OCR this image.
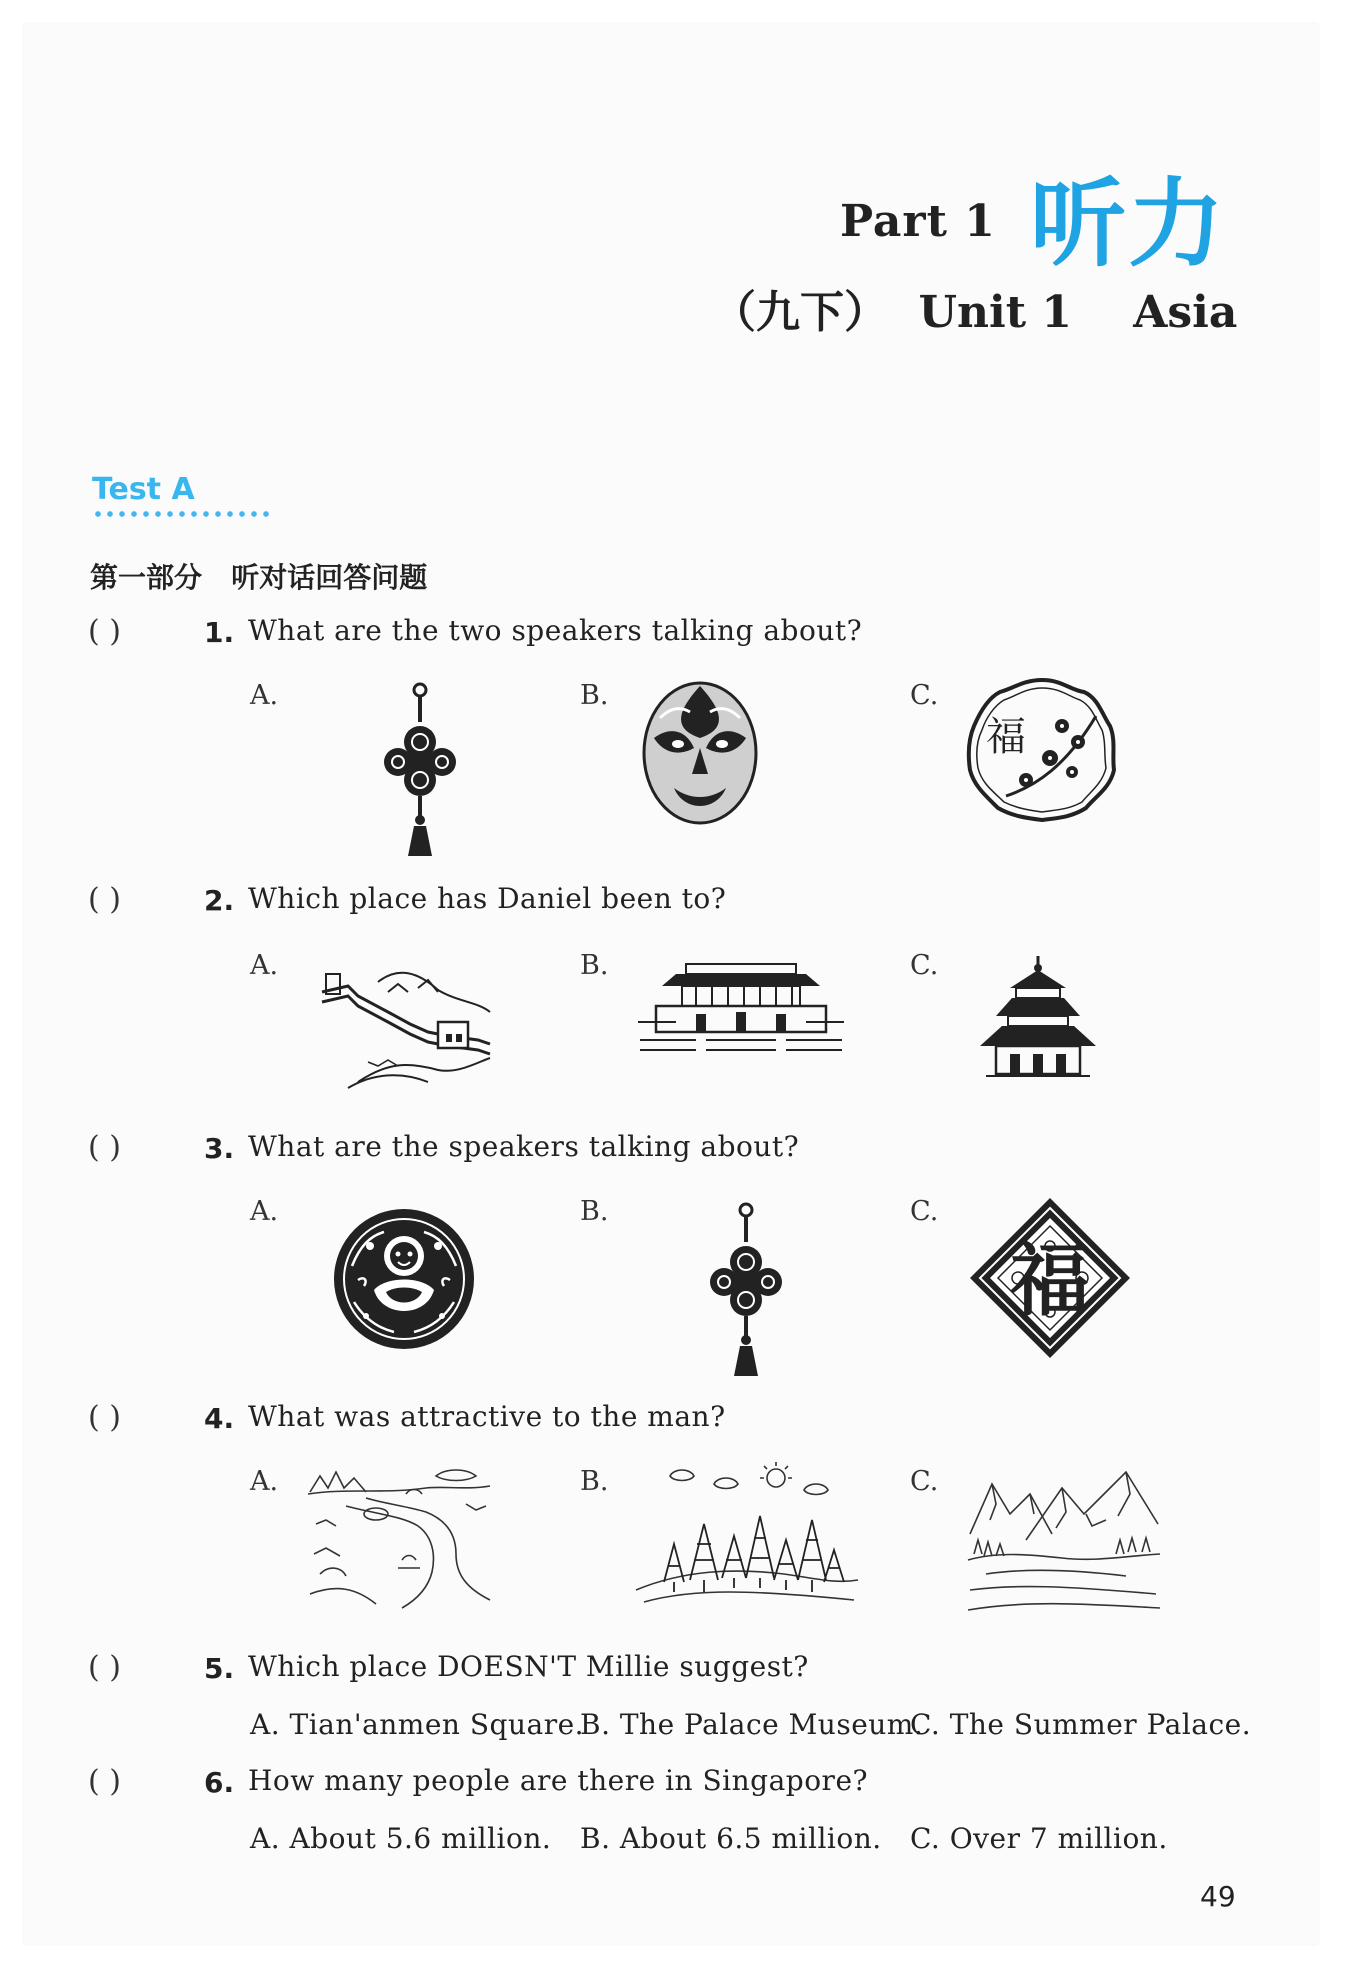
Part 1 听力
（九下）  Unit 1    Asia
Test A
第一部分   听对话回答问题
( )	1. What are the two speakers talking about?
A.	B.	C.
福
( )	2. Which place has Daniel been to?
A.	B.	C.
( )	3. What are the speakers talking about?
A.	B.	C.
福
( )	4. What was attractive to the man?
A.	B.	C.
( )	5. Which place DOESN'T Millie suggest?
A. Tian'anmen Square.
B. The Palace Museum.
C. The Summer Palace.
( )	6. How many people are there in Singapore?
A. About 5.6 million. B. About 6.5 million. C. Over 7 million.
49
